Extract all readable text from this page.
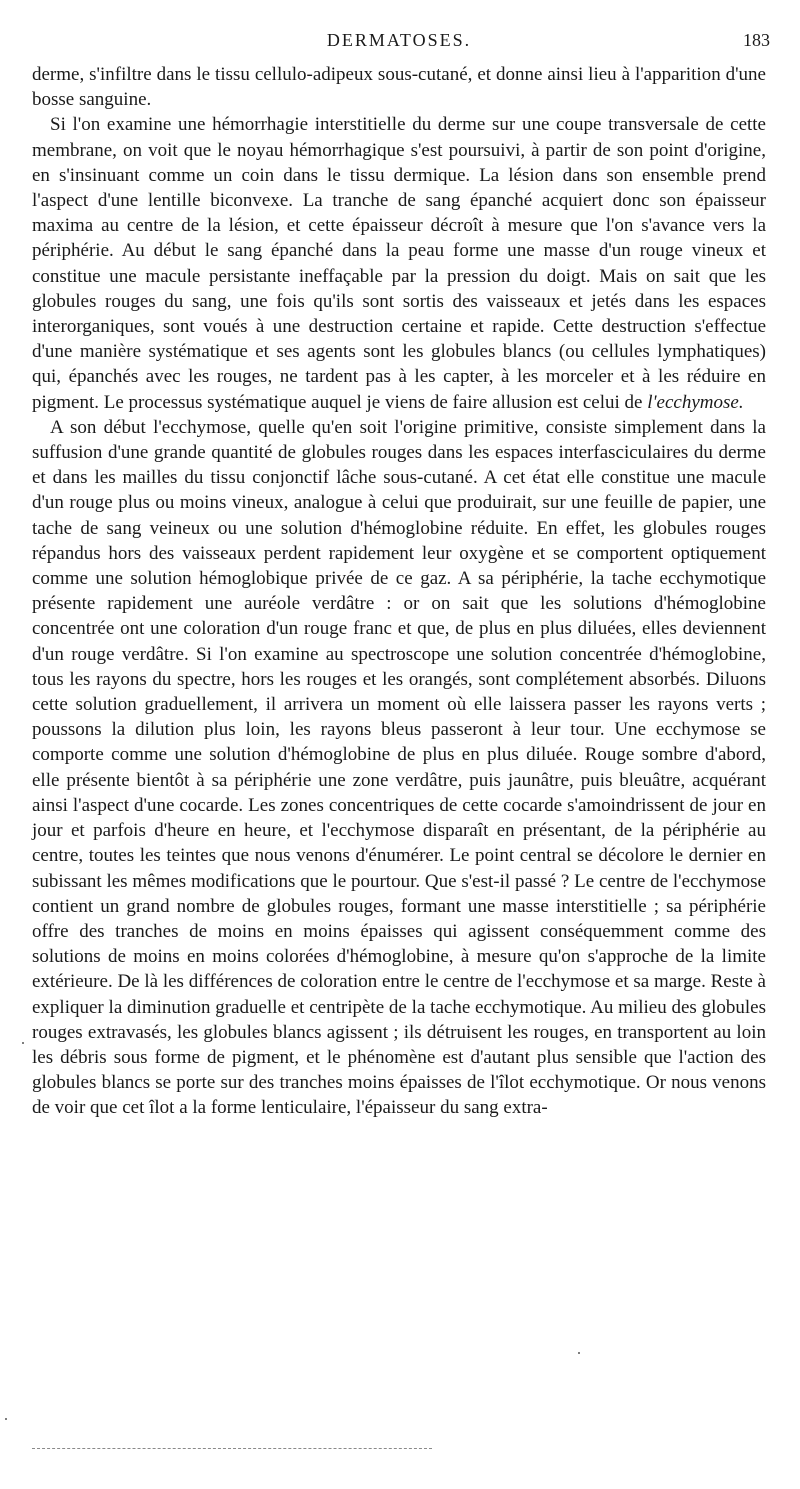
DERMATOSES.	183

derme, s'infiltre dans le tissu cellulo-adipeux sous-cutané, et donne ainsi lieu à l'apparition d'une bosse sanguine.

Si l'on examine une hémorrhagie interstitielle du derme sur une coupe transversale de cette membrane, on voit que le noyau hémorrhagique s'est poursuivi, à partir de son point d'origine, en s'insinuant comme un coin dans le tissu dermique. La lésion dans son ensemble prend l'aspect d'une lentille biconvexe. La tranche de sang épanché acquiert donc son épaisseur maxima au centre de la lésion, et cette épaisseur décroît à mesure que l'on s'avance vers la périphérie. Au début le sang épanché dans la peau forme une masse d'un rouge vineux et constitue une macule persistante ineffaçable par la pression du doigt. Mais on sait que les globules rouges du sang, une fois qu'ils sont sortis des vaisseaux et jetés dans les espaces interorganiques, sont voués à une destruction certaine et rapide. Cette destruction s'effectue d'une manière systématique et ses agents sont les globules blancs (ou cellules lymphatiques) qui, épanchés avec les rouges, ne tardent pas à les capter, à les morceler et à les réduire en pigment. Le processus systématique auquel je viens de faire allusion est celui de l'ecchymose.

A son début l'ecchymose, quelle qu'en soit l'origine primitive, consiste simplement dans la suffusion d'une grande quantité de globules rouges dans les espaces interfasciculaires du derme et dans les mailles du tissu conjonctif lâche sous-cutané. A cet état elle constitue une macule d'un rouge plus ou moins vineux, analogue à celui que produirait, sur une feuille de papier, une tache de sang veineux ou une solution d'hémoglobine réduite. En effet, les globules rouges répandus hors des vaisseaux perdent rapidement leur oxygène et se comportent optiquement comme une solution hémoglobique privée de ce gaz. A sa périphérie, la tache ecchymotique présente rapidement une auréole verdâtre : or on sait que les solutions d'hémoglobine concentrée ont une coloration d'un rouge franc et que, de plus en plus diluées, elles deviennent d'un rouge verdâtre. Si l'on examine au spectroscope une solution concentrée d'hémoglobine, tous les rayons du spectre, hors les rouges et les orangés, sont complétement absorbés. Diluons cette solution graduellement, il arrivera un moment où elle laissera passer les rayons verts ; poussons la dilution plus loin, les rayons bleus passeront à leur tour. Une ecchymose se comporte comme une solution d'hémoglobine de plus en plus diluée. Rouge sombre d'abord, elle présente bientôt à sa périphérie une zone verdâtre, puis jaunâtre, puis bleuâtre, acquérant ainsi l'aspect d'une cocarde. Les zones concentriques de cette cocarde s'amoindrissent de jour en jour et parfois d'heure en heure, et l'ecchymose disparaît en présentant, de la périphérie au centre, toutes les teintes que nous venons d'énumérer. Le point central se décolore le dernier en subissant les mêmes modifications que le pourtour. Que s'est-il passé ? Le centre de l'ecchymose contient un grand nombre de globules rouges, formant une masse interstitielle ; sa périphérie offre des tranches de moins en moins épaisses qui agissent conséquemment comme des solutions de moins en moins colorées d'hémoglobine, à mesure qu'on s'approche de la limite extérieure. De là les différences de coloration entre le centre de l'ecchymose et sa marge. Reste à expliquer la diminution graduelle et centripète de la tache ecchymotique. Au milieu des globules rouges extravasés, les globules blancs agissent ; ils détruisent les rouges, en transportent au loin les débris sous forme de pigment, et le phénomène est d'autant plus sensible que l'action des globules blancs se porte sur des tranches moins épaisses de l'îlot ecchymotique. Or nous venons de voir que cet îlot a la forme lenticulaire, l'épaisseur du sang extra-
